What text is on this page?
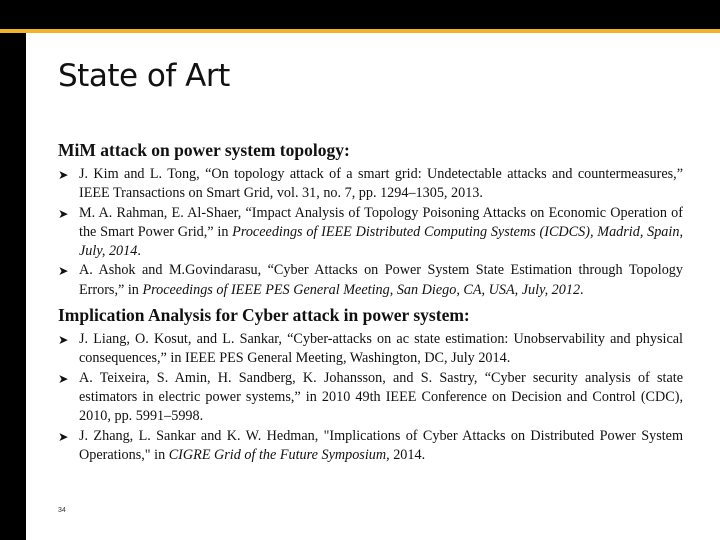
State of Art
MiM attack on power system topology:
➤ J. Kim and L. Tong, “On topology attack of a smart grid: Undetectable attacks and countermeasures,” IEEE Transactions on Smart Grid, vol. 31, no. 7, pp. 1294–1305, 2013.
➤ M. A. Rahman, E. Al-Shaer, “Impact Analysis of Topology Poisoning Attacks on Economic Operation of the Smart Power Grid,” in Proceedings of IEEE Distributed Computing Systems (ICDCS), Madrid, Spain, July, 2014.
➤ A. Ashok and M.Govindarasu, “Cyber Attacks on Power System State Estimation through Topology Errors,” in Proceedings of IEEE PES General Meeting, San Diego, CA, USA, July, 2012.
Implication Analysis for Cyber attack in power system:
➤ J. Liang, O. Kosut, and L. Sankar, “Cyber-attacks on ac state estimation: Unobservability and physical consequences,” in IEEE PES General Meeting, Washington, DC, July 2014.
➤ A. Teixeira, S. Amin, H. Sandberg, K. Johansson, and S. Sastry, “Cyber security analysis of state estimators in electric power systems,” in 2010 49th IEEE Conference on Decision and Control (CDC), 2010, pp. 5991–5998.
➤ J. Zhang, L. Sankar and K. W. Hedman, "Implications of Cyber Attacks on Distributed Power System Operations," in CIGRE Grid of the Future Symposium, 2014.
34
